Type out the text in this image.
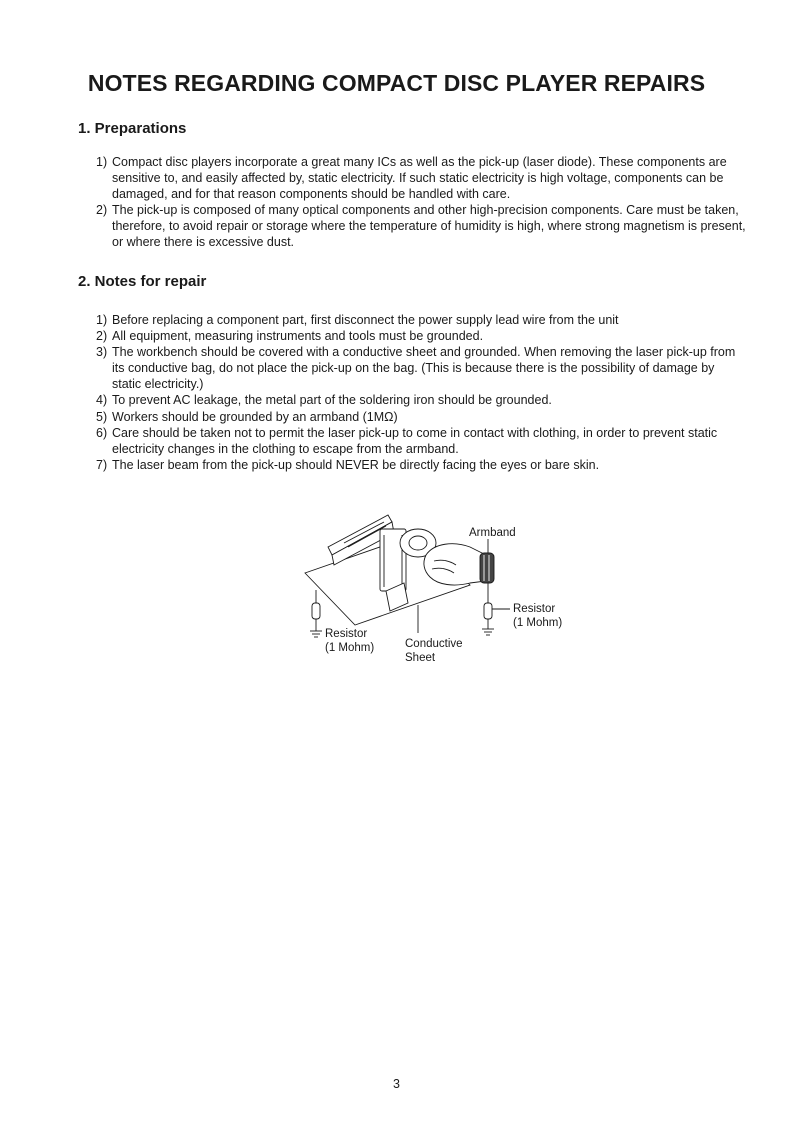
NOTES REGARDING COMPACT DISC PLAYER REPAIRS
1. Preparations
1) Compact disc players incorporate a great many ICs as well as the pick-up (laser diode). These components are sensitive to, and easily affected by, static electricity. If such static electricity is high voltage, components can be damaged, and for that reason components should be handled with care.
2) The pick-up is composed of many optical components and other high-precision components. Care must be taken, therefore, to avoid repair or storage where the temperature of humidity is high, where strong magnetism is present, or where there is excessive dust.
2. Notes for repair
1) Before replacing a component part, first disconnect the power supply lead wire from the unit
2) All equipment, measuring instruments and tools must be grounded.
3) The workbench should be covered with a conductive sheet and grounded. When removing the laser pick-up from its conductive bag, do not place the pick-up on the bag. (This is because there is the possibility of damage by static electricity.)
4) To prevent AC leakage, the metal part of the soldering iron should be grounded.
5) Workers should be grounded by an armband (1MΩ)
6) Care should be taken not to permit the laser pick-up to come in contact with clothing, in order to prevent static electricity changes in the clothing to escape from the armband.
7) The laser beam from the pick-up should NEVER be directly facing the eyes or bare skin.
Armband
Resistor
(1 Mohm)
Resistor
(1 Mohm)	Conductive
Sheet
3
